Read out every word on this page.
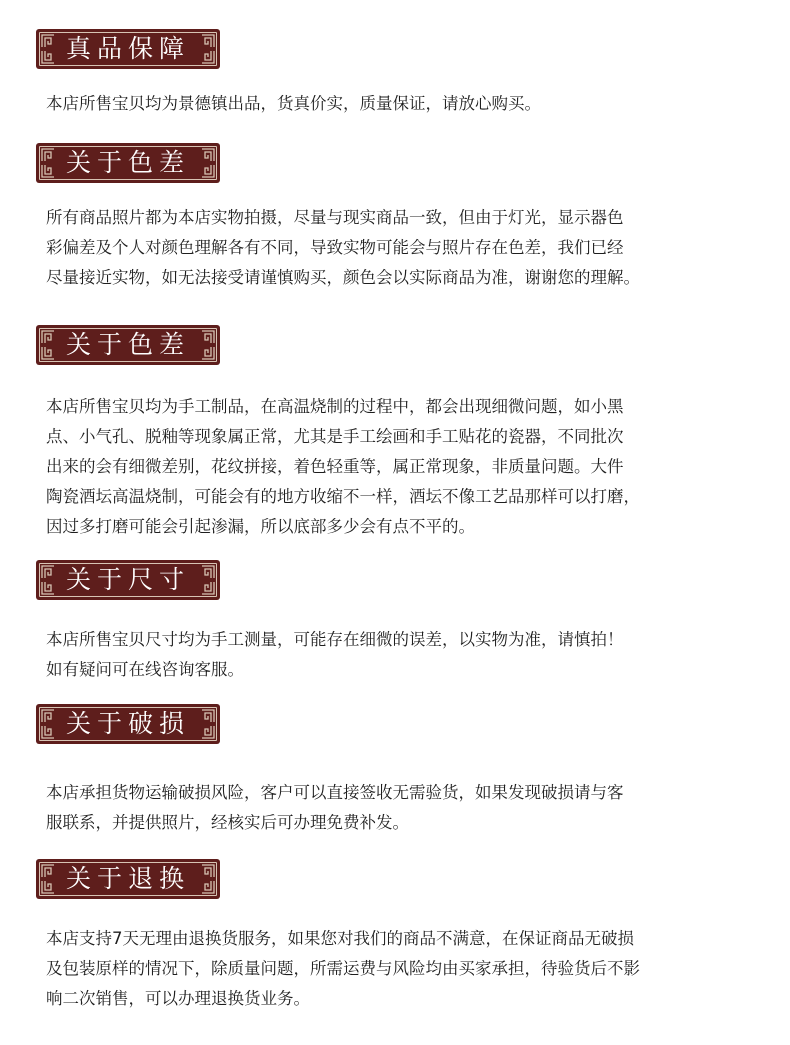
真品保障

本店所售宝贝均为景德镇出品，货真价实，质量保证，请放心购买。

关于色差

所有商品照片都为本店实物拍摄，尽量与现实商品一致，但由于灯光，显示器色

彩偏差及个人对颜色理解各有不同，导致实物可能会与照片存在色差，我们已经

尽量接近实物，如无法接受请谨慎购买，颜色会以实际商品为准，谢谢您的理解。

关于色差

本店所售宝贝均为手工制品，在高温烧制的过程中，都会出现细微问题，如小黑

点、小气孔、脱釉等现象属正常，尤其是手工绘画和手工贴花的瓷器，不同批次

出来的会有细微差别，花纹拼接，着色轻重等，属正常现象，非质量问题。大件

陶瓷酒坛高温烧制，可能会有的地方收缩不一样，酒坛不像工艺品那样可以打磨，

因过多打磨可能会引起渗漏，所以底部多少会有点不平的。

关于尺寸

本店所售宝贝尺寸均为手工测量，可能存在细微的误差，以实物为准，请慎拍！

如有疑问可在线咨询客服。

关于破损

本店承担货物运输破损风险，客户可以直接签收无需验货，如果发现破损请与客

服联系，并提供照片，经核实后可办理免费补发。

关于退换

本店支持7天无理由退换货服务，如果您对我们的商品不满意，在保证商品无破损

及包装原样的情况下，除质量问题，所需运费与风险均由买家承担，待验货后不影

响二次销售，可以办理退换货业务。
